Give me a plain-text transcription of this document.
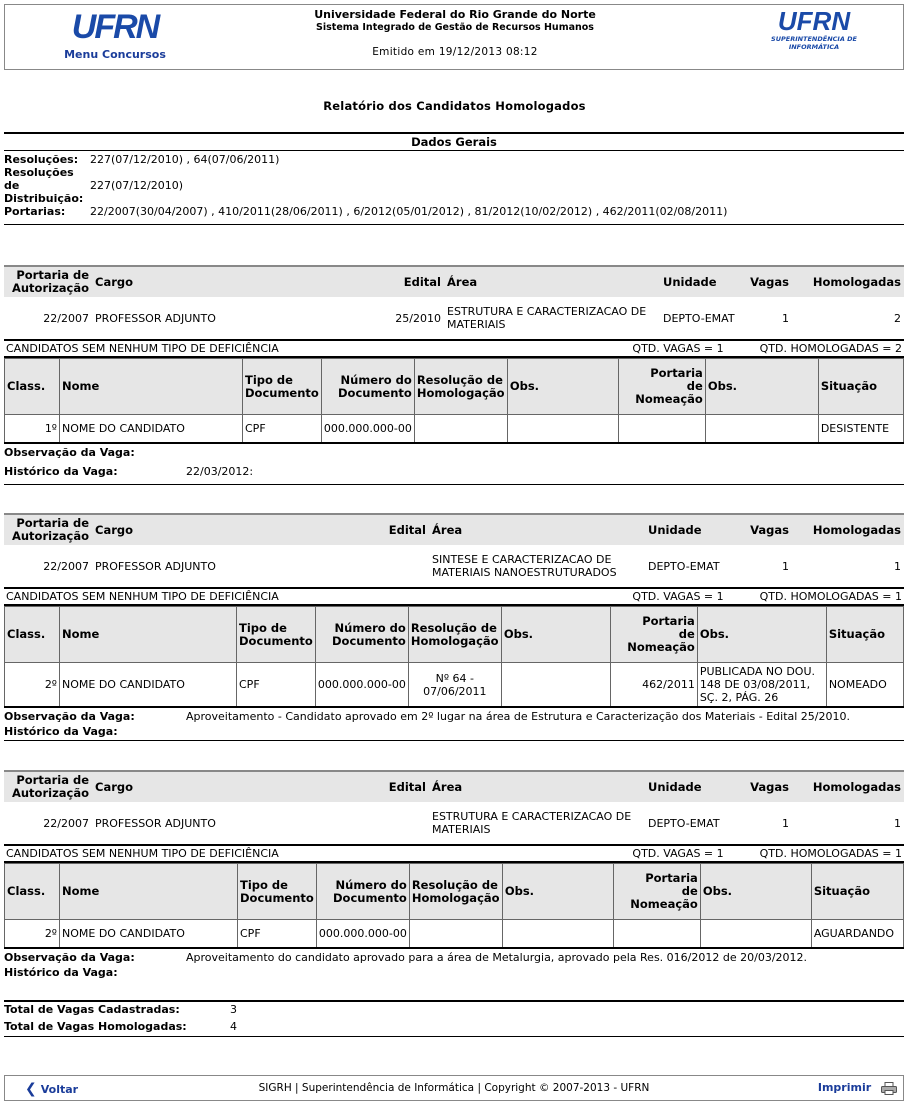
UFRN
Menu Concursos
Universidade Federal do Rio Grande do Norte
Sistema Integrado de Gestão de Recursos Humanos
Emitido em 19/12/2013 08:12
UFRN
SUPERINTENDÊNCIA DE INFORMÁTICA
Relatório dos Candidatos Homologados
Dados Gerais
Resoluções:	227(07/12/2010) , 64(07/06/2011)
Resoluções
de
Distribuição:
227(07/12/2010)
Portarias:	22/2007(30/04/2007) , 410/2011(28/06/2011) , 6/2012(05/01/2012) , 81/2012(10/02/2012) , 462/2011(02/08/2011)
Portaria de
Autorização	Cargo	Edital	Área	Unidade	Vagas	Homologadas
22/2007	PROFESSOR ADJUNTO	25/2010	ESTRUTURA E CARACTERIZACAO DE MATERIAIS	DEPTO-EMAT	1	2
CANDIDATOS SEM NENHUM TIPO DE DEFICIÊNCIA	QTD. VAGAS = 1	QTD. HOMOLOGADAS = 2
Class.	Nome	Tipo de
Documento	Número do
Documento	Resolução de
Homologação	Obs.	Portaria
de
Nomeação	Obs.	Situação
1º	NOME DO CANDIDATO	CPF	000.000.000-00					DESISTENTE
Observação da Vaga:
Histórico da Vaga:	22/03/2012:
Portaria de
Autorização	Cargo	Edital	Área	Unidade	Vagas	Homologadas
22/2007	PROFESSOR ADJUNTO		SINTESE E CARACTERIZACAO DE MATERIAIS NANOESTRUTURADOS	DEPTO-EMAT	1	1
CANDIDATOS SEM NENHUM TIPO DE DEFICIÊNCIA	QTD. VAGAS = 1	QTD. HOMOLOGADAS = 1
Class.	Nome	Tipo de
Documento	Número do
Documento	Resolução de
Homologação	Obs.	Portaria
de
Nomeação	Obs.	Situação
2º	NOME DO CANDIDATO	CPF	000.000.000-00	Nº 64 - 07/06/2011		462/2011	PUBLICADA NO DOU. 148 DE 03/08/2011, SÇ. 2, PÁG. 26	NOMEADO
Observação da Vaga:	Aproveitamento - Candidato aprovado em 2º lugar na área de Estrutura e Caracterização dos Materiais - Edital 25/2010.
Histórico da Vaga:
Portaria de
Autorização	Cargo	Edital	Área	Unidade	Vagas	Homologadas
22/2007	PROFESSOR ADJUNTO		ESTRUTURA E CARACTERIZACAO DE MATERIAIS	DEPTO-EMAT	1	1
CANDIDATOS SEM NENHUM TIPO DE DEFICIÊNCIA	QTD. VAGAS = 1	QTD. HOMOLOGADAS = 1
Class.	Nome	Tipo de
Documento	Número do
Documento	Resolução de
Homologação	Obs.	Portaria
de
Nomeação	Obs.	Situação
2º	NOME DO CANDIDATO	CPF	000.000.000-00					AGUARDANDO
Observação da Vaga:	Aproveitamento do candidato aprovado para a área de Metalurgia, aprovado pela Res. 016/2012 de 20/03/2012.
Histórico da Vaga:
Total de Vagas Cadastradas:	3
Total de Vagas Homologadas:	4
❮ Voltar	SIGRH | Superintendência de Informática | Copyright © 2007-2013 - UFRN	Imprimir
